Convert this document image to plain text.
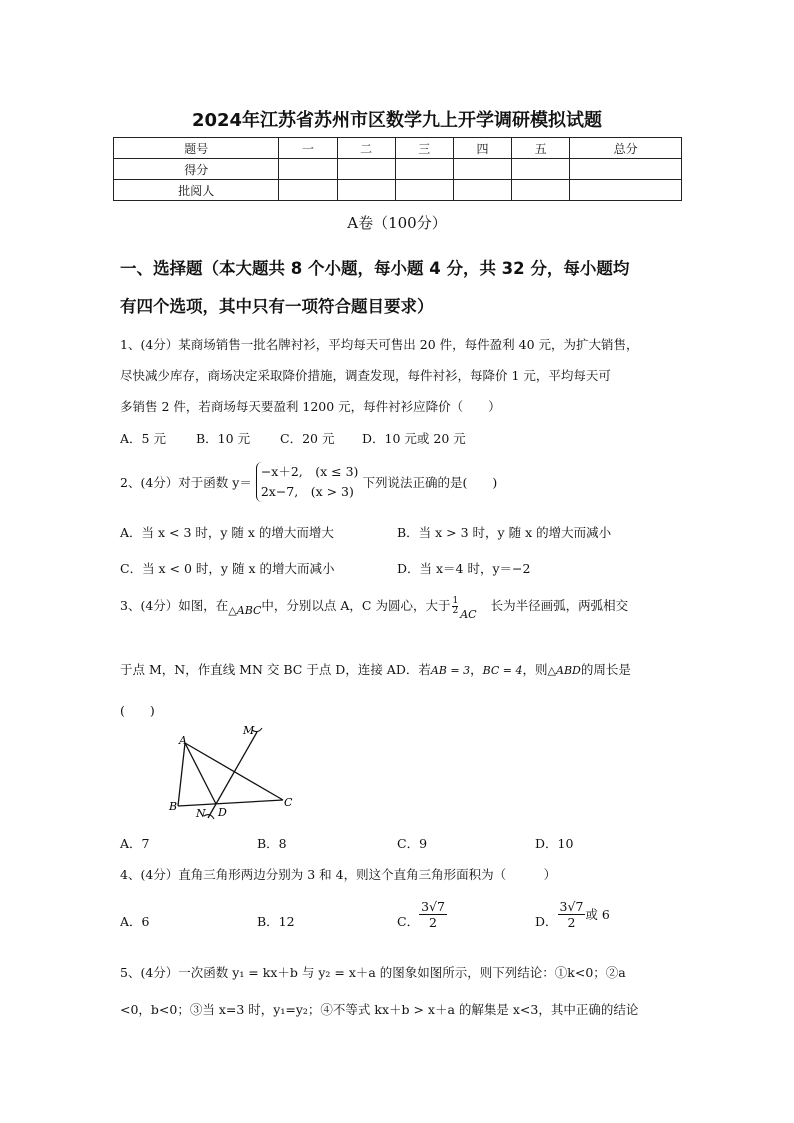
2024年江苏省苏州市区数学九上开学调研模拟试题
题号	一	二	三	四	五	总分
得分						
批阅人						
A卷（100分）
一、选择题（本大题共 8 个小题，每小题 4 分，共 32 分，每小题均
有四个选项，其中只有一项符合题目要求）
1、(4分）某商场销售一批名牌衬衫，平均每天可售出 20 件，每件盈利 40 元，为扩大销售，
尽快减少库存，商场决定采取降价措施，调查发现，每件衬衫，每降价 1 元，平均每天可
多销售 2 件，若商场每天要盈利 1200 元，每件衬衫应降价（　　）
A．5 元 B．10 元 C．20 元 D．10 元或 20 元
2、(4分）对于函数 y＝
−x＋2,　(x ≤ 3)
2x−7,　(x > 3)
下列说法正确的是(　　)
A．当 x < 3 时，y 随 x 的增大而增大	B．当 x > 3 时，y 随 x 的增大而减小
C．当 x < 0 时，y 随 x 的增大而减小	D．当 x＝4 时，y＝−2
3、(4分）如图，在△ABC中，分别以点 A，C 为圆心，大于 $\frac{1}{2}$ AC长为半径画弧，两弧相交
于点 M，N，作直线 MN 交 BC 于点 D，连接 AD．若AB = 3，BC = 4，则△ABD的周长是
(　　)
A
B	C
D
M
N
A．7	B．8	C．9	D．10
4、(4分）直角三角形两边分别为 3 和 4，则这个直角三角形面积为（　　　）
A．6	B．12	C． $\frac{3√7}{2}$	D． $\frac{3√7}{2}$ 或 6
5、(4分）一次函数 y₁ = kx＋b 与 y₂ = x＋a 的图象如图所示，则下列结论：①k<0；②a
<0，b<0；③当 x=3 时，y₁=y₂；④不等式 kx＋b > x＋a 的解集是 x<3，其中正确的结论
